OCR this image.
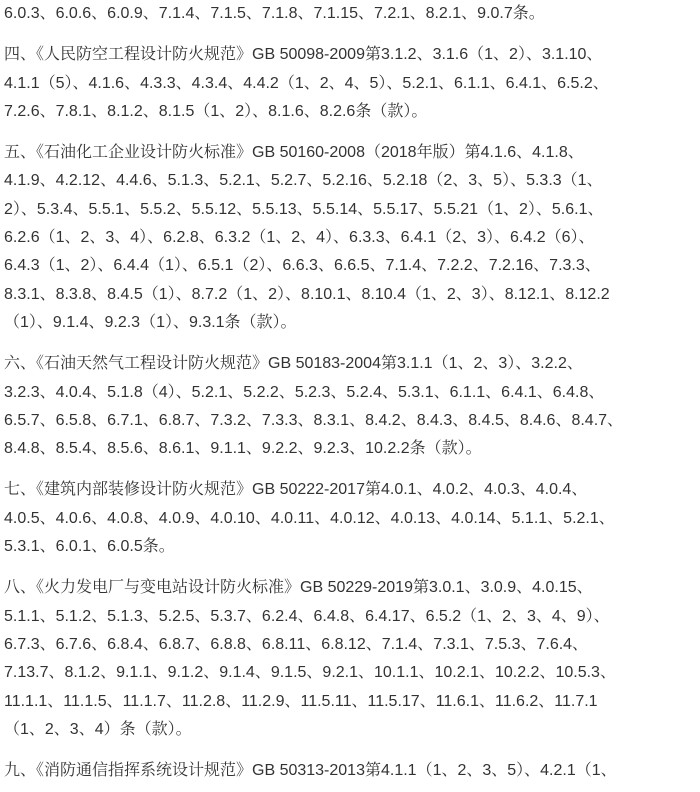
6.0.3、6.0.6、6.0.9、7.1.4、7.1.5、7.1.8、7.1.15、7.2.1、8.2.1、9.0.7条。

四、《人民防空工程设计防火规范》GB 50098-2009第3.1.2、3.1.6（1、2）、3.1.10、
4.1.1（5）、4.1.6、4.3.3、4.3.4、4.4.2（1、2、4、5）、5.2.1、6.1.1、6.4.1、6.5.2、
7.2.6、7.8.1、8.1.2、8.1.5（1、2）、8.1.6、8.2.6条（款）。

五、《石油化工企业设计防火标准》GB 50160-2008（2018年版）第4.1.6、4.1.8、
4.1.9、4.2.12、4.4.6、5.1.3、5.2.1、5.2.7、5.2.16、5.2.18（2、3、5）、5.3.3（1、
2）、5.3.4、5.5.1、5.5.2、5.5.12、5.5.13、5.5.14、5.5.17、5.5.21（1、2）、5.6.1、
6.2.6（1、2、3、4）、6.2.8、6.3.2（1、2、4）、6.3.3、6.4.1（2、3）、6.4.2（6）、
6.4.3（1、2）、6.4.4（1）、6.5.1（2）、6.6.3、6.6.5、7.1.4、7.2.2、7.2.16、7.3.3、
8.3.1、8.3.8、8.4.5（1）、8.7.2（1、2）、8.10.1、8.10.4（1、2、3）、8.12.1、8.12.2
（1）、9.1.4、9.2.3（1）、9.3.1条（款）。

六、《石油天然气工程设计防火规范》GB 50183-2004第3.1.1（1、2、3）、3.2.2、
3.2.3、4.0.4、5.1.8（4）、5.2.1、5.2.2、5.2.3、5.2.4、5.3.1、6.1.1、6.4.1、6.4.8、
6.5.7、6.5.8、6.7.1、6.8.7、7.3.2、7.3.3、8.3.1、8.4.2、8.4.3、8.4.5、8.4.6、8.4.7、
8.4.8、8.5.4、8.5.6、8.6.1、9.1.1、9.2.2、9.2.3、10.2.2条（款）。

七、《建筑内部装修设计防火规范》GB 50222-2017第4.0.1、4.0.2、4.0.3、4.0.4、
4.0.5、4.0.6、4.0.8、4.0.9、4.0.10、4.0.11、4.0.12、4.0.13、4.0.14、5.1.1、5.2.1、
5.3.1、6.0.1、6.0.5条。

八、《火力发电厂与变电站设计防火标准》GB 50229-2019第3.0.1、3.0.9、4.0.15、
5.1.1、5.1.2、5.1.3、5.2.5、5.3.7、6.2.4、6.4.8、6.4.17、6.5.2（1、2、3、4、9）、
6.7.3、6.7.6、6.8.4、6.8.7、6.8.8、6.8.11、6.8.12、7.1.4、7.3.1、7.5.3、7.6.4、
7.13.7、8.1.2、9.1.1、9.1.2、9.1.4、9.1.5、9.2.1、10.1.1、10.2.1、10.2.2、10.5.3、
11.1.1、11.1.5、11.1.7、11.2.8、11.2.9、11.5.11、11.5.17、11.6.1、11.6.2、11.7.1
（1、2、3、4）条（款）。

九、《消防通信指挥系统设计规范》GB 50313-2013第4.1.1（1、2、3、5）、4.2.1（1、
